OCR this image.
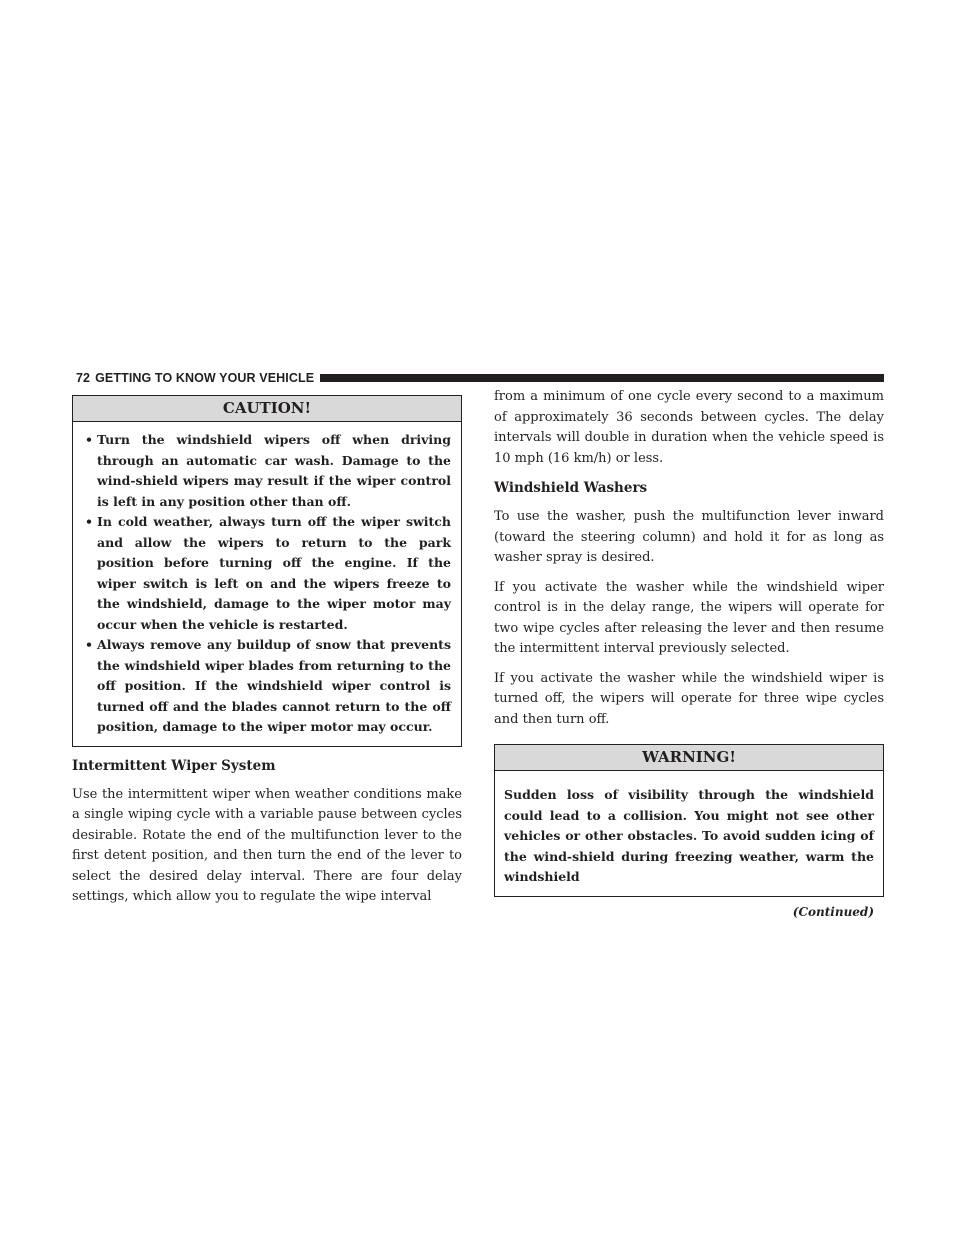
72 GETTING TO KNOW YOUR VEHICLE
CAUTION!
• Turn the windshield wipers off when driving through an automatic car wash. Damage to the wind-shield wipers may result if the wiper control is left in any position other than off.
• In cold weather, always turn off the wiper switch and allow the wipers to return to the park position before turning off the engine. If the wiper switch is left on and the wipers freeze to the windshield, damage to the wiper motor may occur when the vehicle is restarted.
• Always remove any buildup of snow that prevents the windshield wiper blades from returning to the off position. If the windshield wiper control is turned off and the blades cannot return to the off position, damage to the wiper motor may occur.
Intermittent Wiper System

Use the intermittent wiper when weather conditions make a single wiping cycle with a variable pause between cycles desirable. Rotate the end of the multifunction lever to the first detent position, and then turn the end of the lever to select the desired delay interval. There are four delay settings, which allow you to regulate the wipe interval

from a minimum of one cycle every second to a maximum of approximately 36 seconds between cycles. The delay intervals will double in duration when the vehicle speed is 10 mph (16 km/h) or less.

Windshield Washers

To use the washer, push the multifunction lever inward (toward the steering column) and hold it for as long as washer spray is desired.

If you activate the washer while the windshield wiper control is in the delay range, the wipers will operate for two wipe cycles after releasing the lever and then resume the intermittent interval previously selected.

If you activate the washer while the windshield wiper is turned off, the wipers will operate for three wipe cycles and then turn off.

WARNING!
Sudden loss of visibility through the windshield could lead to a collision. You might not see other vehicles or other obstacles. To avoid sudden icing of the wind-shield during freezing weather, warm the windshield
(Continued)
